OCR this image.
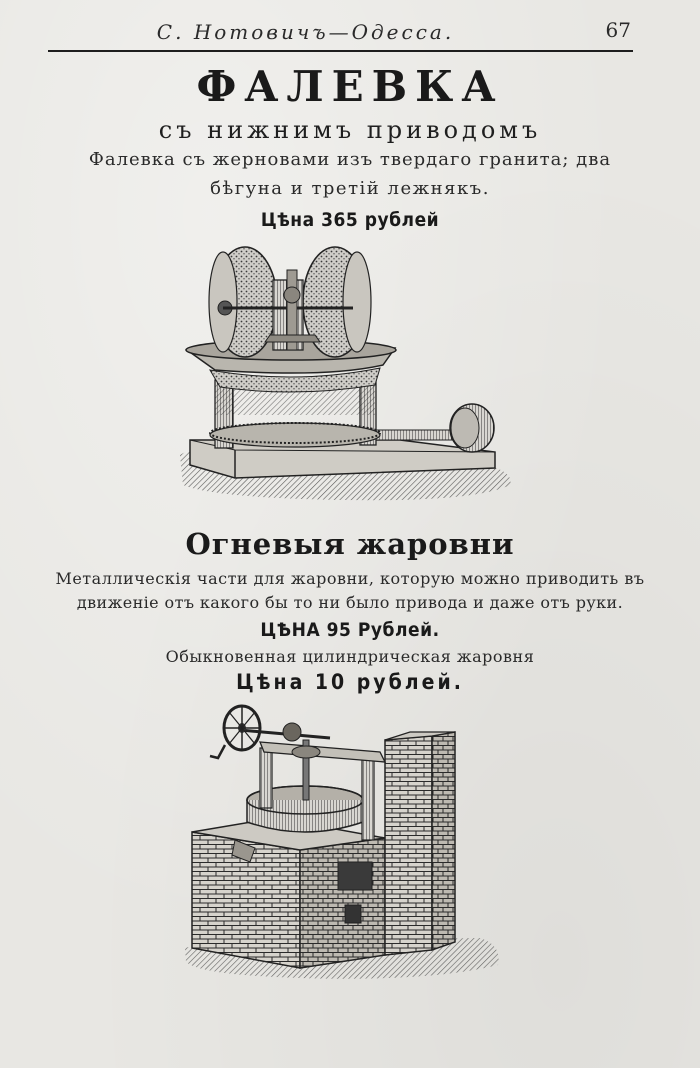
С. Нотовичъ—Одесса.	67
ФАЛЕВКА
съ нижнимъ приводомъ
Фалевка съ жерновами изъ твердаго гранита; два
бѣгуна и третій лежнякъ.
Цѣна 365 рублей
Огневыя жаровни
Металлическія части для жаровни, которую можно приводить въ
движеніе отъ какого бы то ни было привода и даже отъ руки.
ЦѢНА 95 Рублей.
Обыкновенная цилиндрическая жаровня
Цѣна 10 рублей.
